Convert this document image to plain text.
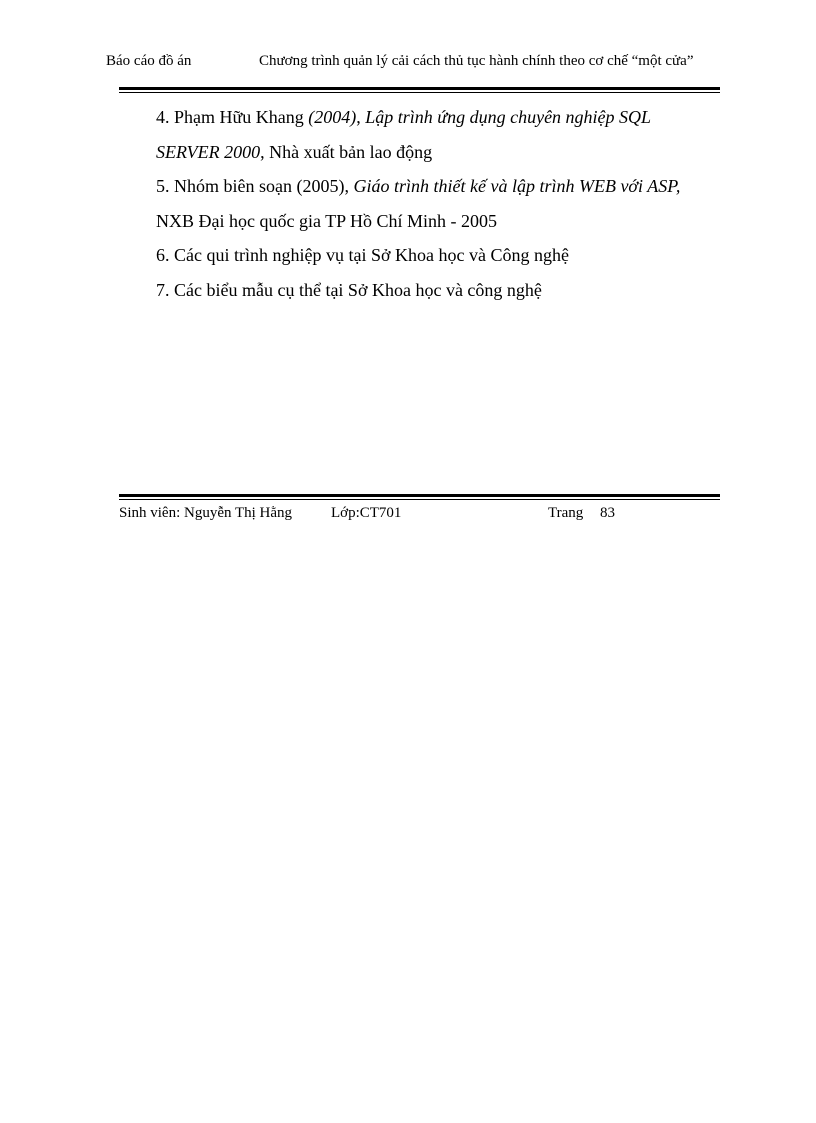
Báo cáo đồ án	Chương trình quản lý cải cách thủ tục hành chính theo cơ chế “một cửa”
4. Phạm Hữu Khang (2004), Lập trình ứng dụng chuyên nghiệp SQL
SERVER 2000, Nhà xuất bản lao động
5. Nhóm biên soạn (2005), Giáo trình thiết kế và lập trình WEB với ASP,
NXB Đại học quốc gia TP Hồ Chí Minh - 2005
6. Các qui trình nghiệp vụ tại Sở Khoa học và Công nghệ
7. Các biểu mẫu cụ thể tại Sở Khoa học và công nghệ
Sinh viên: Nguyễn Thị Hằng	Lớp:CT701	Trang 83
